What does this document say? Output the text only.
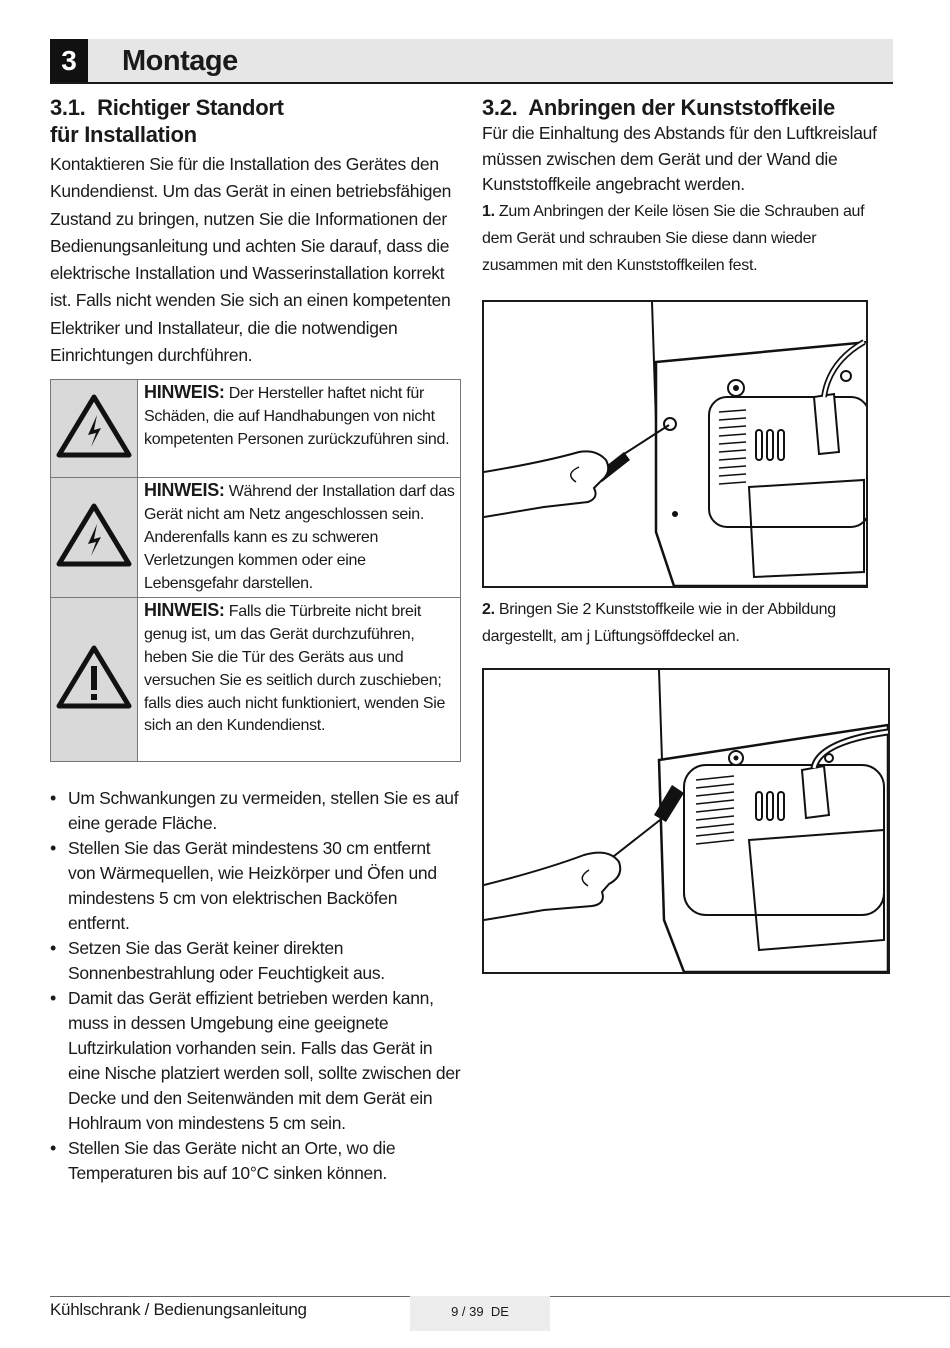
3	Montage
3.1.  Richtiger Standort
für Installation

Kontaktieren Sie für die Installation des Gerätes den Kundendienst. Um das Gerät in einen betriebsfähigen Zustand zu bringen, nutzen Sie die Informationen der Bedienungsanleitung und achten Sie darauf, dass die elektrische Installation und Wasserinstallation korrekt ist. Falls nicht wenden Sie sich an einen kompetenten Elektriker und Installateur, die die notwendigen Einrichtungen durchführen.

	HINWEIS: Der Hersteller haftet nicht für Schäden, die auf Handhabungen von nicht kompetenten Personen zurückzuführen sind.
	HINWEIS: Während der Installation darf das Gerät nicht am Netz angeschlossen sein. Anderenfalls kann es zu schweren Verletzungen kommen oder eine Lebensgefahr darstellen.
	HINWEIS: Falls die Türbreite nicht breit genug ist, um das Gerät durchzuführen, heben Sie die Tür des Geräts aus und versuchen Sie es seitlich durch zuschieben; falls dies auch nicht funktioniert, wenden Sie sich an den Kundendienst.
• Um Schwankungen zu vermeiden, stellen Sie es auf eine gerade Fläche.
• Stellen Sie das Gerät mindestens 30 cm entfernt von Wärmequellen, wie Heizkörper und Öfen und mindestens 5 cm von elektrischen Backöfen entfernt.
• Setzen Sie das Gerät keiner direkten Sonnenbestrahlung oder Feuchtigkeit aus.
• Damit das Gerät effizient betrieben werden kann, muss in dessen Umgebung eine geeignete Luftzirkulation vorhanden sein. Falls das Gerät in eine Nische platziert werden soll, sollte zwischen der Decke und den Seitenwänden mit dem Gerät ein Hohlraum von mindestens 5 cm sein.
• Stellen Sie das Geräte nicht an Orte, wo die Temperaturen bis auf 10°C sinken können.
3.2.  Anbringen der Kunststoffkeile

Für die Einhaltung des Abstands für den Luftkreislauf müssen zwischen dem Gerät und der Wand die Kunststoffkeile angebracht werden.

1. Zum Anbringen der Keile lösen Sie die Schrauben auf dem Gerät und schrauben Sie diese dann wieder zusammen mit den Kunststoffkeilen fest.

2. Bringen Sie 2 Kunststoffkeile wie in der Abbildung dargestellt, am j Lüftungsöffdeckel an.

Kühlschrank / Bedienungsanleitung	9 / 39  DE
